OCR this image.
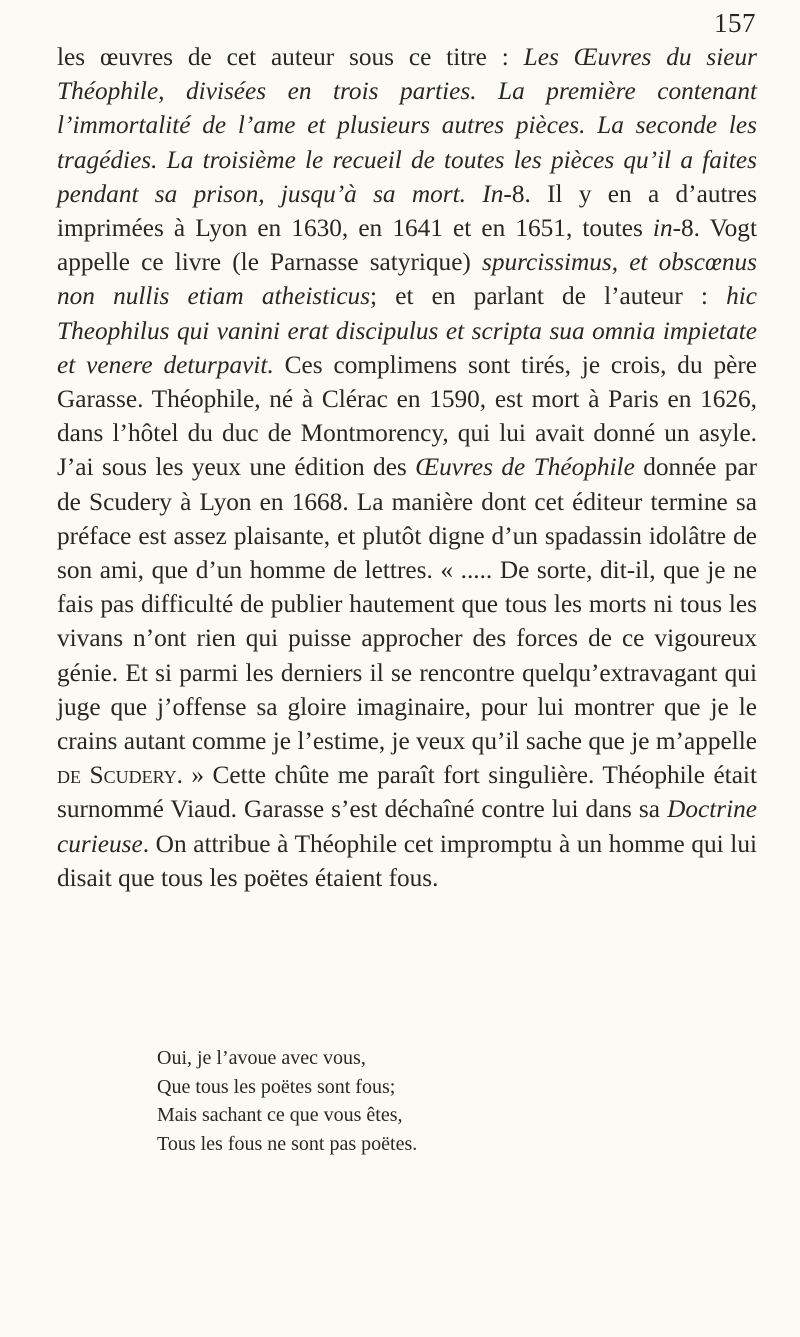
157

les œuvres de cet auteur sous ce titre : Les Œuvres du sieur Théophile, divisées en trois parties. La première contenant l’immortalité de l’ame et plusieurs autres pièces. La seconde les tragédies. La troisième le recueil de toutes les pièces qu’il a faites pendant sa prison, jusqu’à sa mort. In-8. Il y en a d’autres imprimées à Lyon en 1630, en 1641 et en 1651, toutes in-8. Vogt appelle ce livre (le Parnasse satyrique) spurcissimus, et obscœnus non nullis etiam atheisticus; et en parlant de l’auteur : hic Theophilus qui vanini erat discipulus et scripta sua omnia impietate et venere deturpavit. Ces complimens sont tirés, je crois, du père Garasse. Théophile, né à Clérac en 1590, est mort à Paris en 1626, dans l’hôtel du duc de Montmorency, qui lui avait donné un asyle. J’ai sous les yeux une édition des Œuvres de Théophile donnée par de Scudery à Lyon en 1668. La manière dont cet éditeur termine sa préface est assez plaisante, et plutôt digne d’un spadassin idolâtre de son ami, que d’un homme de lettres. « ..... De sorte, dit-il, que je ne fais pas difficulté de publier hautement que tous les morts ni tous les vivans n’ont rien qui puisse approcher des forces de ce vigoureux génie. Et si parmi les derniers il se rencontre quelqu’extravagant qui juge que j’offense sa gloire imaginaire, pour lui montrer que je le crains autant comme je l’estime, je veux qu’il sache que je m’appelle de Scudery. » Cette chûte me paraît fort singulière. Théophile était surnommé Viaud. Garasse s’est déchaîné contre lui dans sa Doctrine curieuse. On attribue à Théophile cet impromptu à un homme qui lui disait que tous les poëtes étaient fous.

Oui, je l’avoue avec vous,
Que tous les poëtes sont fous;
Mais sachant ce que vous êtes,
Tous les fous ne sont pas poëtes.
